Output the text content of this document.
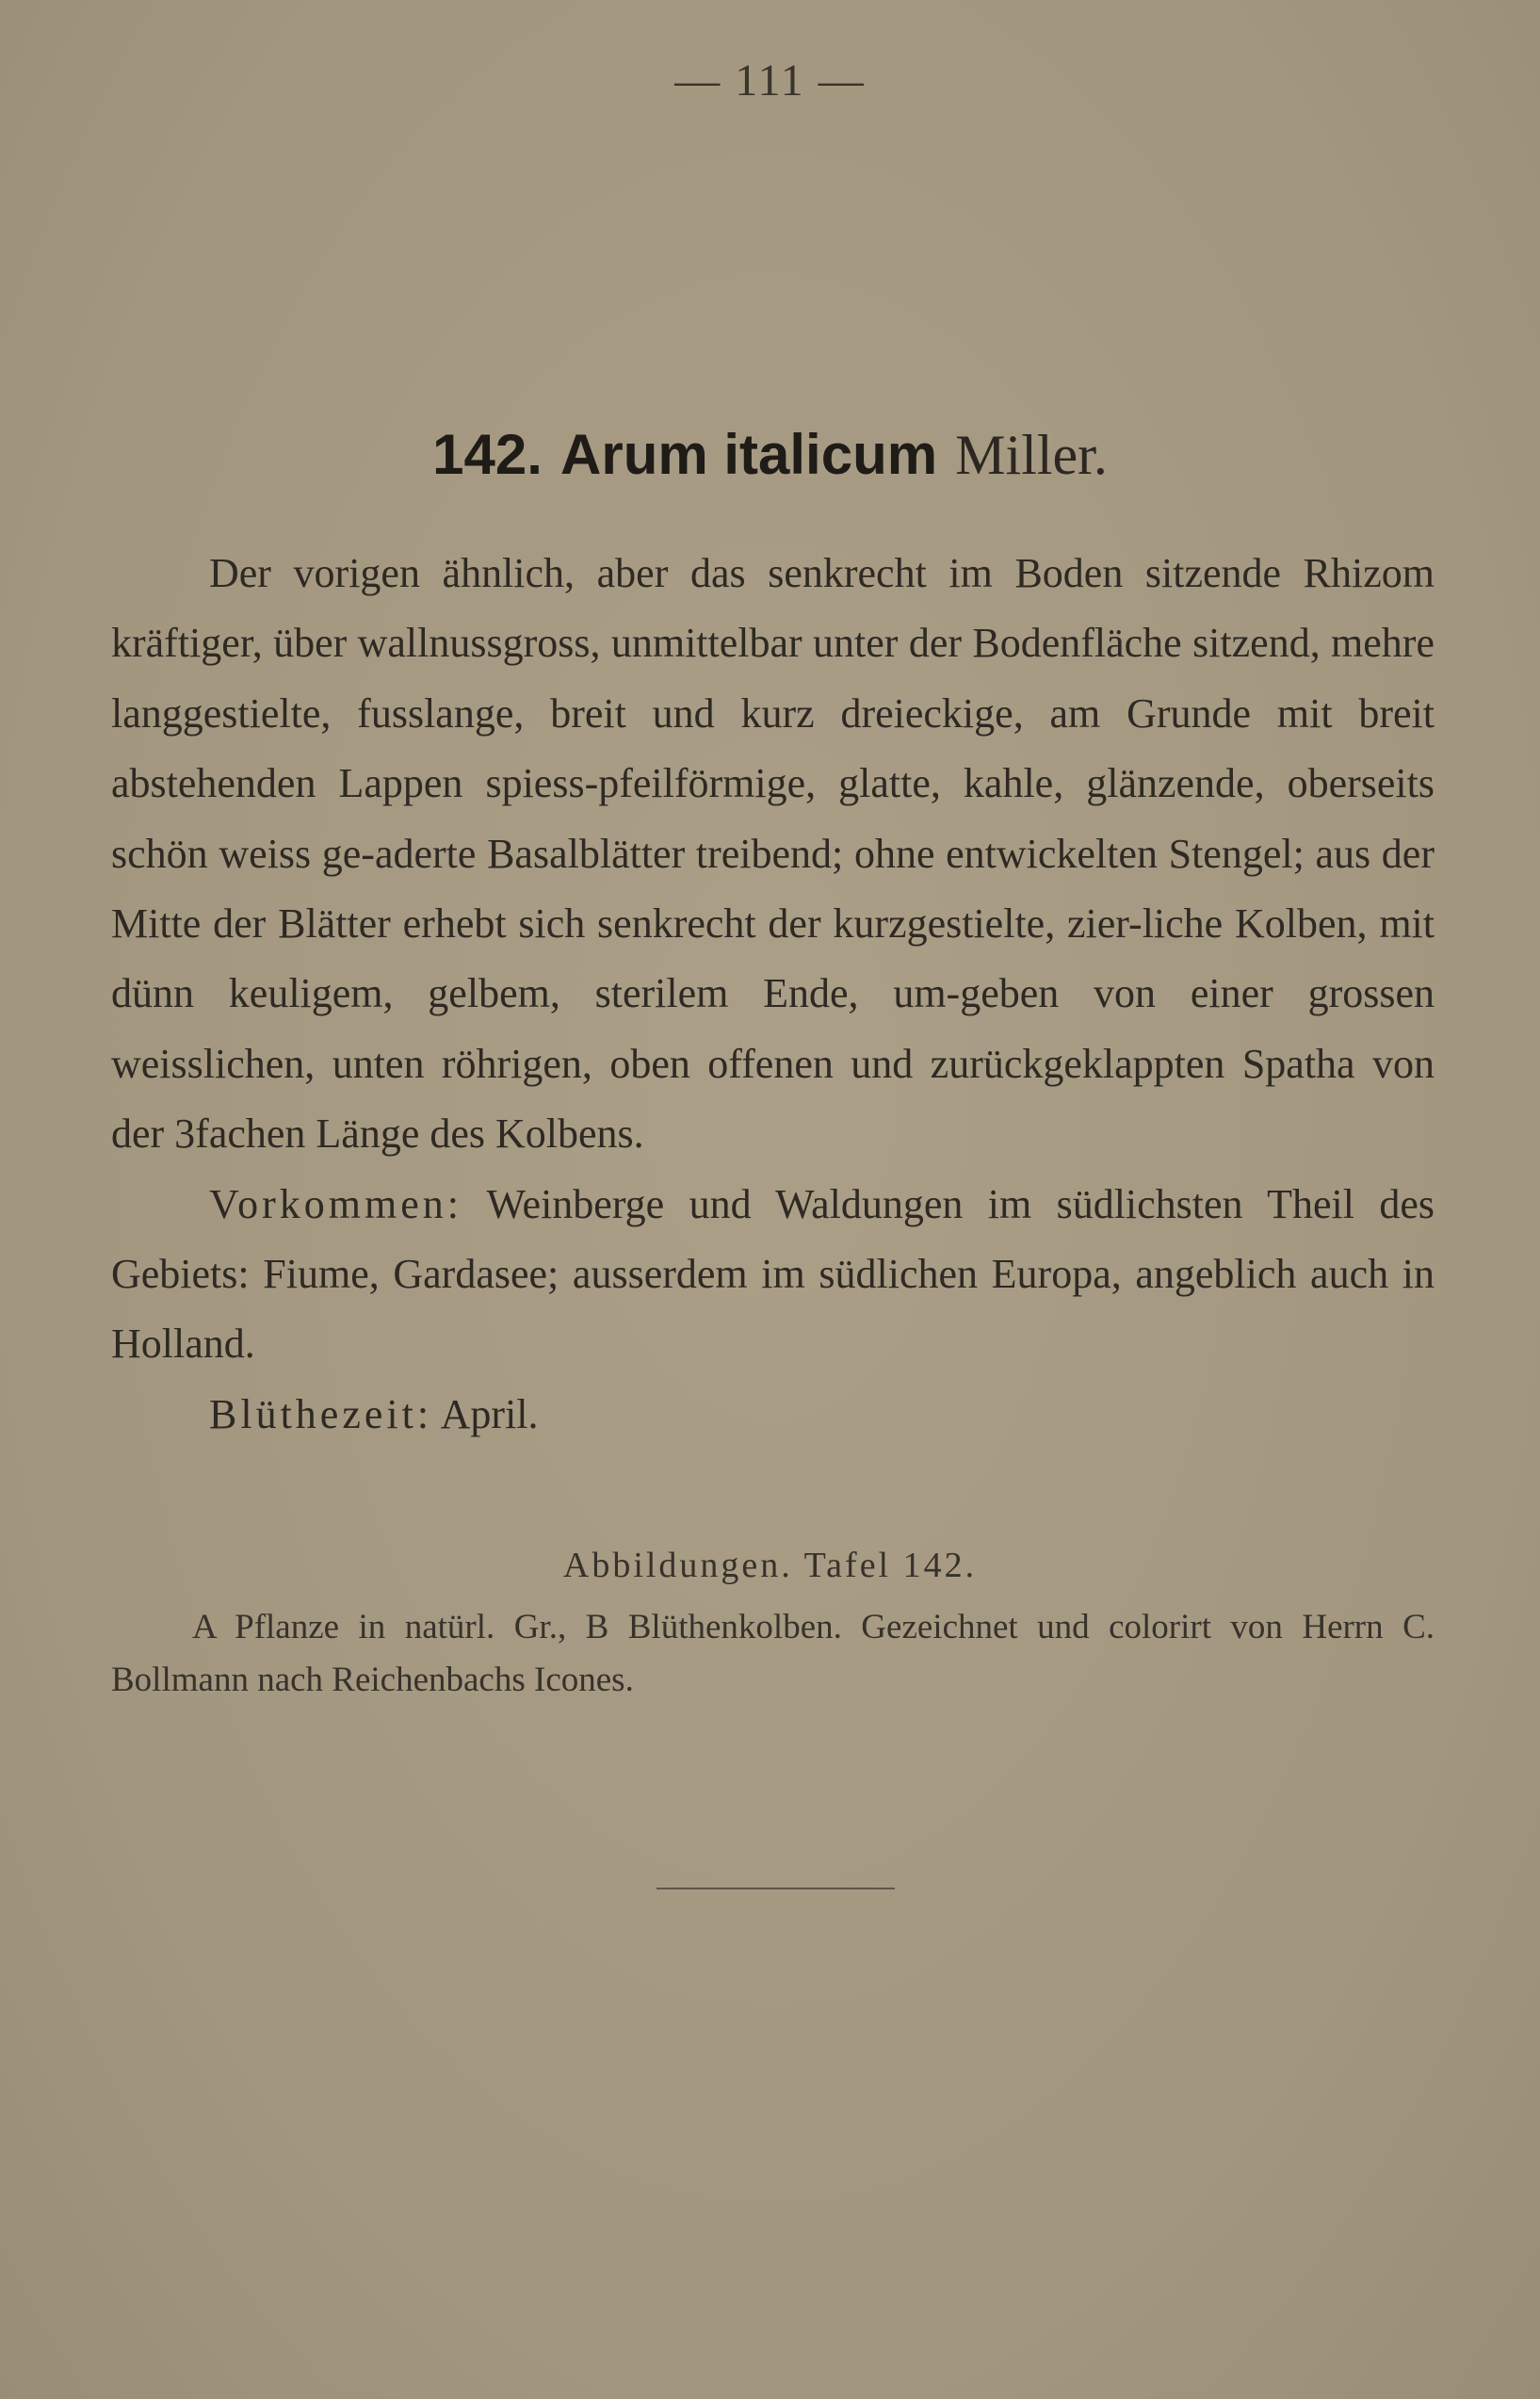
— 111 —
142. Arum italicum Miller.

Der vorigen ähnlich, aber das senkrecht im Boden sitzende Rhizom kräftiger, über wallnussgross, unmittelbar unter der Bodenfläche sitzend, mehre langgestielte, fusslange, breit und kurz dreieckige, am Grunde mit breit abstehenden Lappen spiess-pfeilförmige, glatte, kahle, glänzende, oberseits schön weiss ge-aderte Basalblätter treibend; ohne entwickelten Stengel; aus der Mitte der Blätter erhebt sich senkrecht der kurzgestielte, zier-liche Kolben, mit dünn keuligem, gelbem, sterilem Ende, um-geben von einer grossen weisslichen, unten röhrigen, oben offenen und zurückgeklappten Spatha von der 3fachen Länge des Kolbens.

Vorkommen: Weinberge und Waldungen im südlichsten Theil des Gebiets: Fiume, Gardasee; ausserdem im südlichen Europa, angeblich auch in Holland.

Blüthezeit: April.

Abbildungen. Tafel 142.

A Pflanze in natürl. Gr., B Blüthenkolben. Gezeichnet und colorirt von Herrn C. Bollmann nach Reichenbachs Icones.
